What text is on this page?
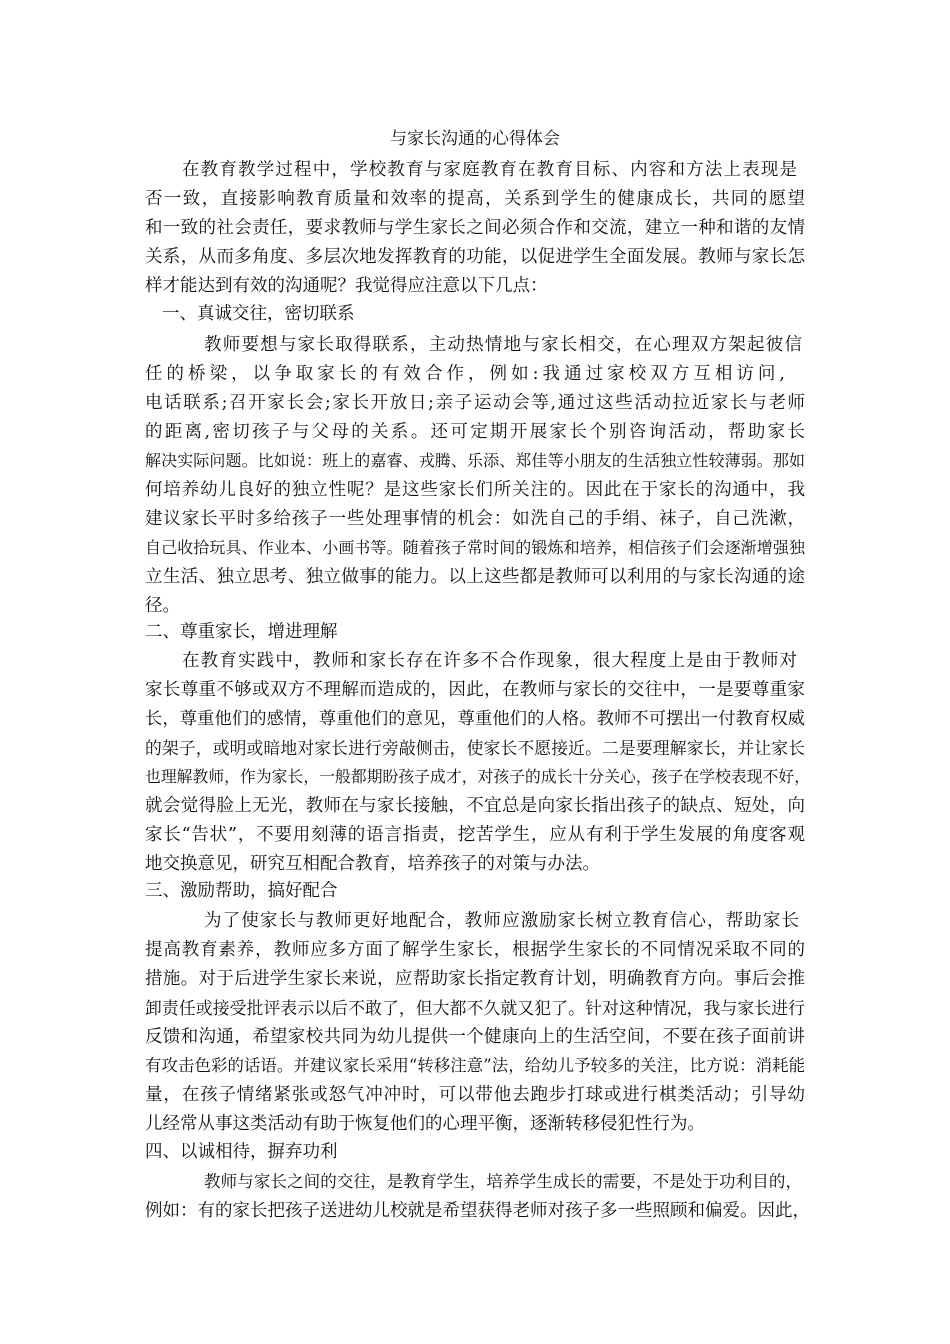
与家长沟通的心得体会
在教育教学过程中，学校教育与家庭教育在教育目标、内容和方法上表现是
否一致，直接影响教育质量和效率的提高，关系到学生的健康成长，共同的愿望
和一致的社会责任，要求教师与学生家长之间必须合作和交流，建立一种和谐的友情
关系，从而多角度、多层次地发挥教育的功能，以促进学生全面发展。教师与家长怎
样才能达到有效的沟通呢？我觉得应注意以下几点：
一、真诚交往，密切联系
教师要想与家长取得联系，主动热情地与家长相交，在心理双方架起彼信
任的桥梁，以争取家长的有效合作，例如:我通过家校双方互相访问,
电话联系;召开家长会;家长开放日;亲子运动会等,通过这些活动拉近家长与老师
的距离,密切孩子与父母的关系。还可定期开展家长个别咨询活动，帮助家长
解决实际问题。比如说：班上的嘉睿、戎腾、乐添、郑佳等小朋友的生活独立性较薄弱。那如
何培养幼儿良好的独立性呢？是这些家长们所关注的。因此在于家长的沟通中，我
建议家长平时多给孩子一些处理事情的机会：如洗自己的手绢、袜子，自己洗漱，
自己收拾玩具、作业本、小画书等。随着孩子常时间的锻炼和培养，相信孩子们会逐渐增强独
立生活、独立思考、独立做事的能力。以上这些都是教师可以利用的与家长沟通的途
径。
二、尊重家长，增进理解
在教育实践中，教师和家长存在许多不合作现象，很大程度上是由于教师对
家长尊重不够或双方不理解而造成的，因此，在教师与家长的交往中，一是要尊重家
长，尊重他们的感情，尊重他们的意见，尊重他们的人格。教师不可摆出一付教育权威
的架子，或明或暗地对家长进行旁敲侧击，使家长不愿接近。二是要理解家长，并让家长
也理解教师，作为家长，一般都期盼孩子成才，对孩子的成长十分关心，孩子在学校表现不好，
就会觉得脸上无光，教师在与家长接触，不宜总是向家长指出孩子的缺点、短处，向
家长“告状”，不要用刻薄的语言指责，挖苦学生，应从有利于学生发展的角度客观
地交换意见，研究互相配合教育，培养孩子的对策与办法。
三、激励帮助，搞好配合
为了使家长与教师更好地配合，教师应激励家长树立教育信心，帮助家长
提高教育素养，教师应多方面了解学生家长，根据学生家长的不同情况采取不同的
措施。对于后进学生家长来说，应帮助家长指定教育计划，明确教育方向。事后会推
卸责任或接受批评表示以后不敢了，但大都不久就又犯了。针对这种情况，我与家长进行
反馈和沟通，希望家校共同为幼儿提供一个健康向上的生活空间，不要在孩子面前讲
有攻击色彩的话语。并建议家长采用“转移注意”法，给幼儿予较多的关注，比方说：消耗能
量，在孩子情绪紧张或怒气冲冲时，可以带他去跑步打球或进行棋类活动；引导幼
儿经常从事这类活动有助于恢复他们的心理平衡，逐渐转移侵犯性行为。
四、以诚相待，摒弃功利
教师与家长之间的交往，是教育学生，培养学生成长的需要，不是处于功利目的，
例如：有的家长把孩子送进幼儿校就是希望获得老师对孩子多一些照顾和偏爱。因此，
